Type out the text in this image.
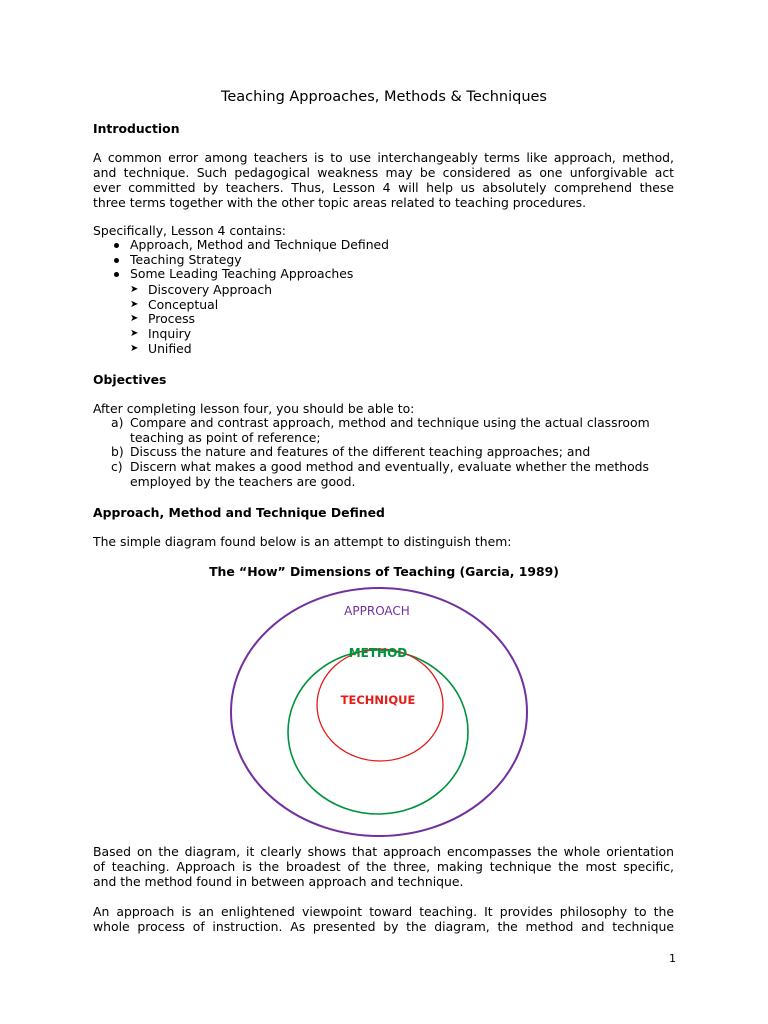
Teaching Approaches, Methods & Techniques
Introduction
A common error among teachers is to use interchangeably terms like approach, method,
and technique. Such pedagogical weakness may be considered as one unforgivable act
ever committed by teachers. Thus, Lesson 4 will help us absolutely comprehend these
three terms together with the other topic areas related to teaching procedures.
Specifically, Lesson 4 contains:
Approach, Method and Technique Defined
Teaching Strategy
Some Leading Teaching Approaches
➤ Discovery Approach
➤ Conceptual
➤ Process
➤ Inquiry
➤ Unified
Objectives
After completing lesson four, you should be able to:
a) Compare and contrast approach, method and technique using the actual classroom
teaching as point of reference;
b) Discuss the nature and features of the different teaching approaches; and
c) Discern what makes a good method and eventually, evaluate whether the methods
employed by the teachers are good.
Approach, Method and Technique Defined
The simple diagram found below is an attempt to distinguish them:
The “How” Dimensions of Teaching (Garcia, 1989)
APPROACH
METHOD
TECHNIQUE
Based on the diagram, it clearly shows that approach encompasses the whole orientation
of teaching. Approach is the broadest of the three, making technique the most specific,
and the method found in between approach and technique.
An approach is an enlightened viewpoint toward teaching. It provides philosophy to the
whole process of instruction. As presented by the diagram, the method and technique
1
